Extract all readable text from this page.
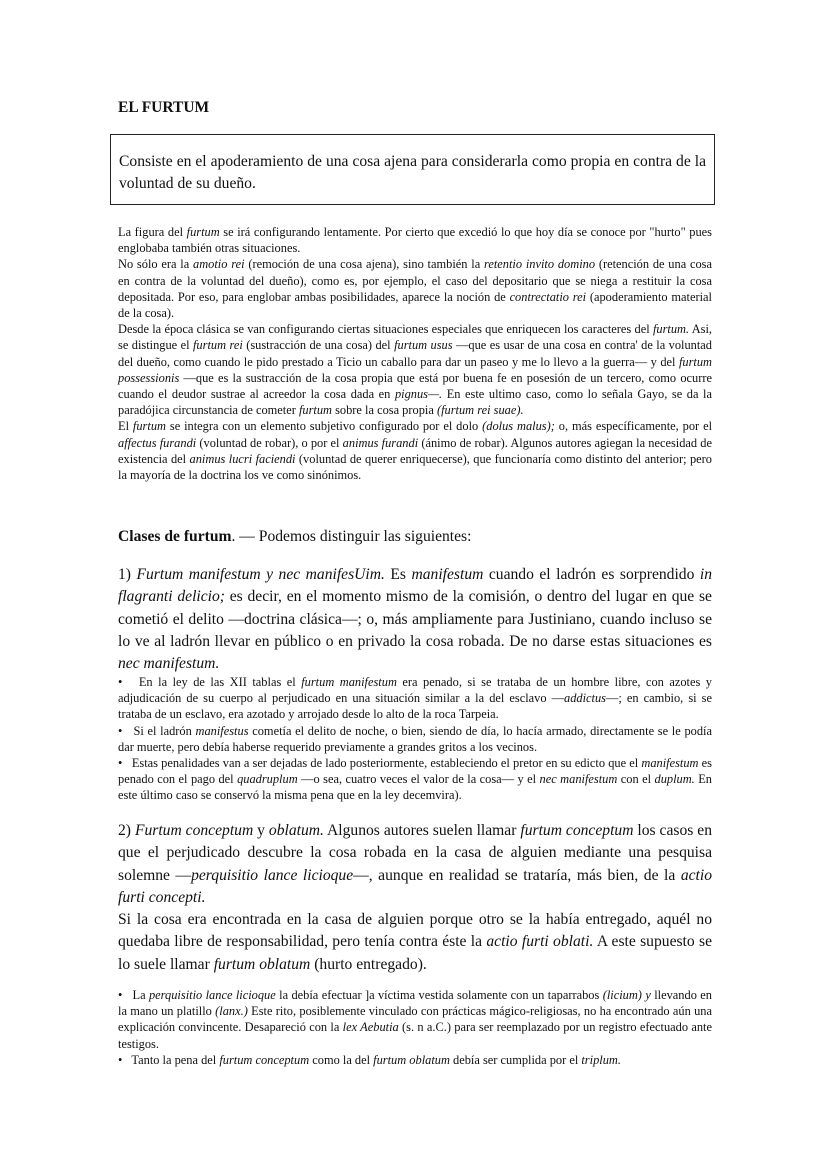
EL FURTUM
Consiste en el apoderamiento de una cosa ajena para considerarla como propia en contra de la voluntad de su dueño.

La figura del furtum se irá configurando lentamente. Por cierto que excedió lo que hoy día se conoce por "hurto" pues englobaba también otras situaciones.

No sólo era la amotio rei (remoción de una cosa ajena), sino también la retentio invito domino (retención de una cosa en contra de la voluntad del dueño), como es, por ejemplo, el caso del depositario que se niega a restituir la cosa depositada. Por eso, para englobar ambas posibilidades, aparece la noción de contrectatio rei (apoderamiento material de la cosa).

Desde la época clásica se van configurando ciertas situaciones especiales que enriquecen los caracteres del furtum. Asi, se distingue el furtum rei (sustracción de una cosa) del furtum usus —que es usar de una cosa en contra' de la voluntad del dueño, como cuando le pido prestado a Ticio un caballo para dar un paseo y me lo llevo a la guerra— y del furtum possessionis —que es la sustracción de la cosa propia que está por buena fe en posesión de un tercero, como ocurre cuando el deudor sustrae al acreedor la cosa dada en pignus—. En este ultimo caso, como lo señala Gayo, se da la paradójica circunstancia de cometer furtum sobre la cosa propia (furtum rei suae).

El furtum se integra con un elemento subjetivo configurado por el dolo (dolus malus); o, más específicamente, por el affectus furandi (voluntad de robar), o por el animus furandi (ánimo de robar). Algunos autores agiegan la necesidad de existencia del animus lucri faciendi (voluntad de querer enriquecerse), que funcionaría como distinto del anterior; pero la mayoría de la doctrina los ve como sinónimos.

Clases de furtum. — Podemos distinguir las siguientes:

1) Furtum manifestum y nec manifesUim. Es manifestum cuando el ladrón es sorprendido in flagranti delicio; es decir, en el momento mismo de la comisión, o dentro del lugar en que se cometió el delito —doctrina clásica—; o, más ampliamente para Justiniano, cuando incluso se lo ve al ladrón llevar en público o en privado la cosa robada. De no darse estas situaciones es nec manifestum.

•  En la ley de las XII tablas el furtum manifestum era penado, si se trataba de un hombre libre, con azotes y adjudicación de su cuerpo al perjudicado en una situación similar a la del esclavo —addictus—; en cambio, si se trataba de un esclavo, era azotado y arrojado desde lo alto de la roca Tarpeia.

•  Si el ladrón manifestus cometía el delito de noche, o bien, siendo de día, lo hacía armado, directamente se le podía dar muerte, pero debía haberse requerido previamente a grandes gritos a los vecinos.

•  Estas penalidades van a ser dejadas de lado posteriormente, estableciendo el pretor en su edicto que el manifestum es penado con el pago del quadruplum —o sea, cuatro veces el valor de la cosa— y el nec manifestum con el duplum. En este último caso se conservó la misma pena que en la ley decemvira).

2) Furtum conceptum y oblatum. Algunos autores suelen llamar furtum conceptum los casos en que el perjudicado descubre la cosa robada en la casa de alguien mediante una pesquisa solemne —perquisitio lance licioque—, aunque en realidad se trataría, más bien, de la actio furti concepti.

Si la cosa era encontrada en la casa de alguien porque otro se la había entregado, aquél no quedaba libre de responsabilidad, pero tenía contra éste la actio furti oblati. A este supuesto se lo suele llamar furtum oblatum (hurto entregado).

•  La perquisitio lance licioque la debía efectuar ]a víctima vestida solamente con un taparrabos (licium) y llevando en la mano un platillo (lanx.) Este rito, posiblemente vinculado con prácticas mágico-religiosas, no ha encontrado aún una explicación convincente. Desapareció con la lex Aebutia (s. n a.C.) para ser reemplazado por un registro efectuado ante testigos.

•  Tanto la pena del furtum conceptum como la del furtum oblatum debía ser cumplida por el triplum.
